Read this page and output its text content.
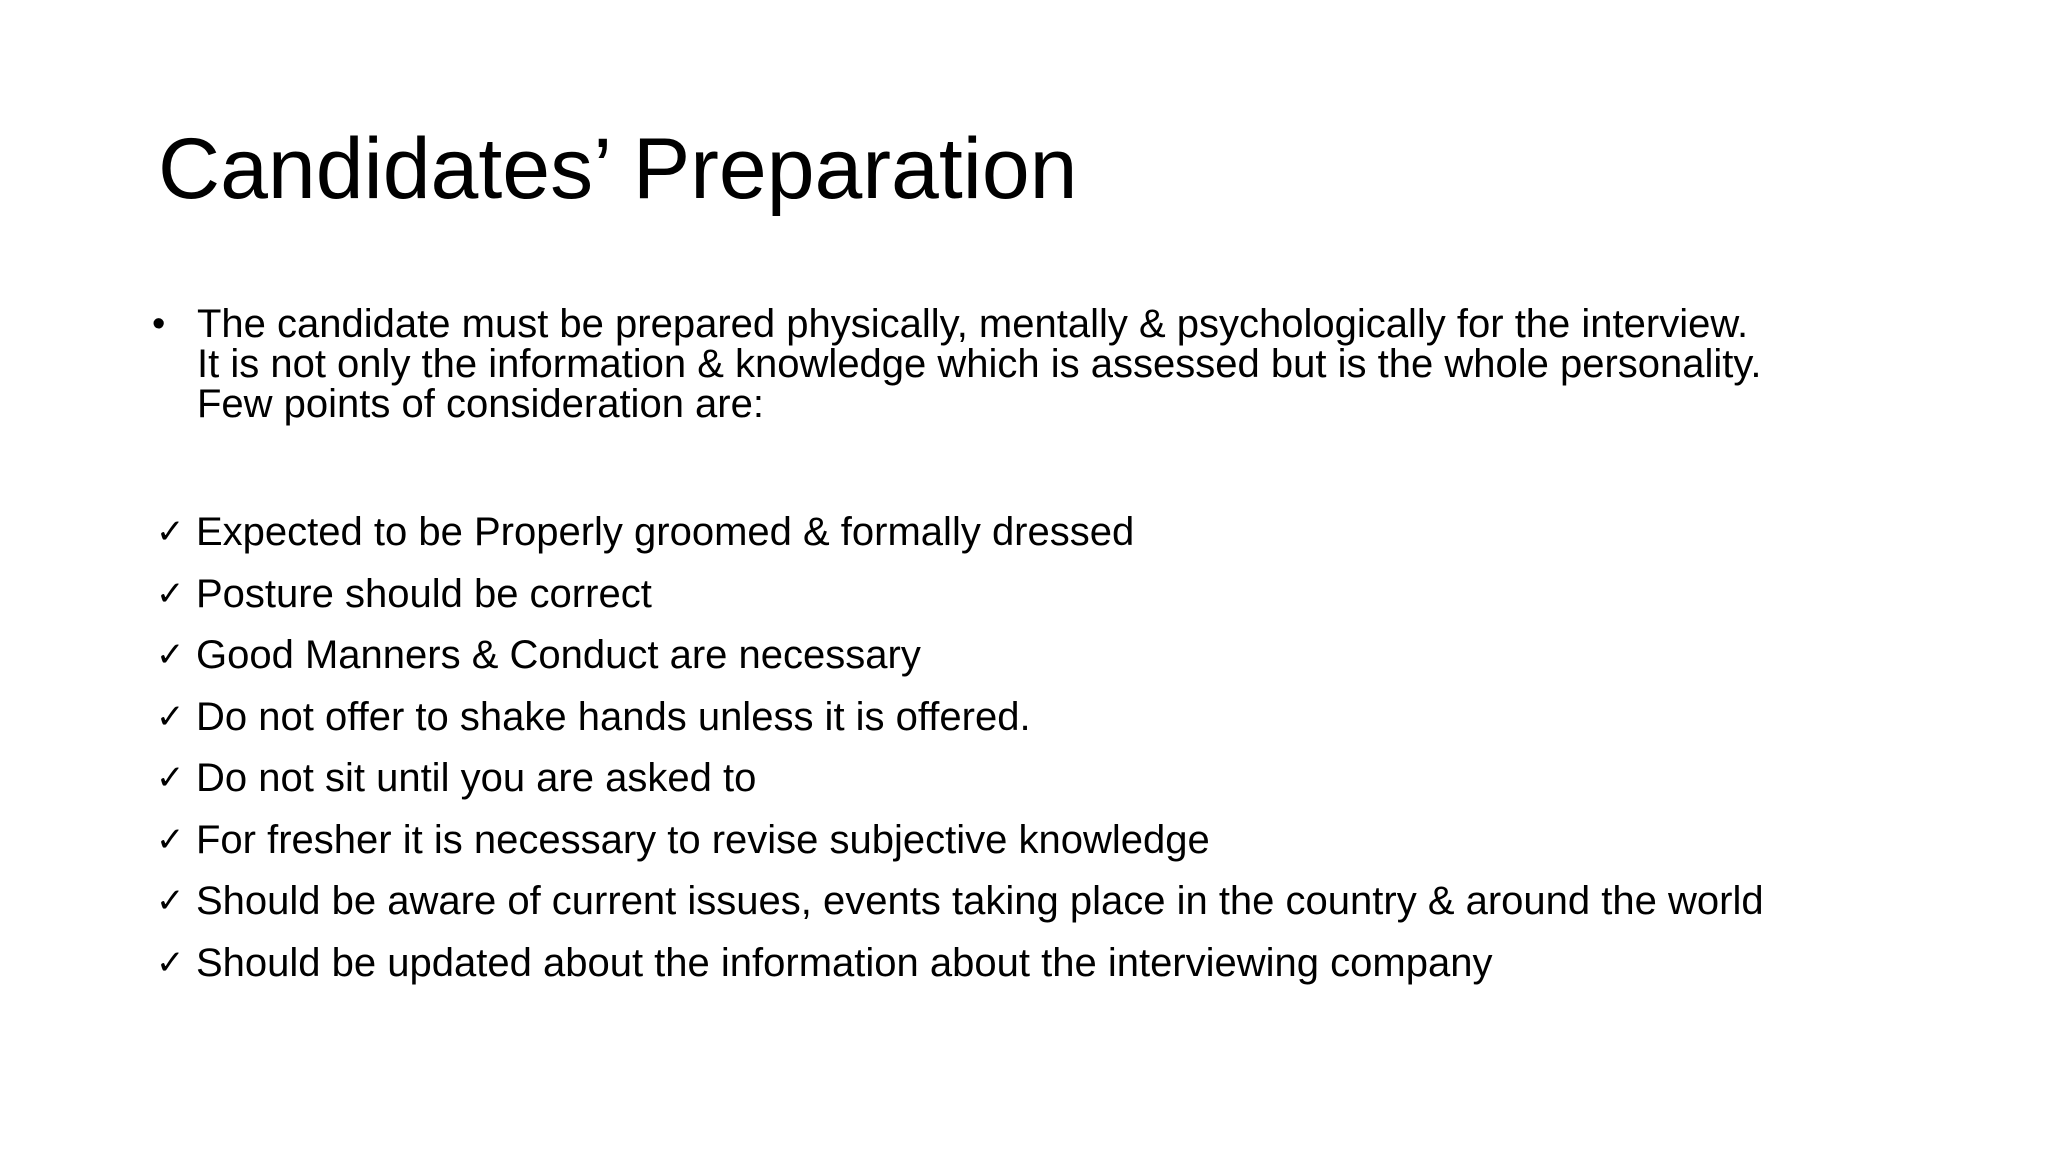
Candidates’ Preparation
• The candidate must be prepared physically, mentally & psychologically for the interview.
It is not only the information & knowledge which is assessed but is the whole personality.
Few points of consideration are:
✓ Expected to be Properly groomed & formally dressed
✓ Posture should be correct
✓ Good Manners & Conduct are necessary
✓ Do not offer to shake hands unless it is offered.
✓ Do not sit until you are asked to
✓ For fresher it is necessary to revise subjective knowledge
✓ Should be aware of current issues, events taking place in the country & around the world
✓ Should be updated about the information about the interviewing company
